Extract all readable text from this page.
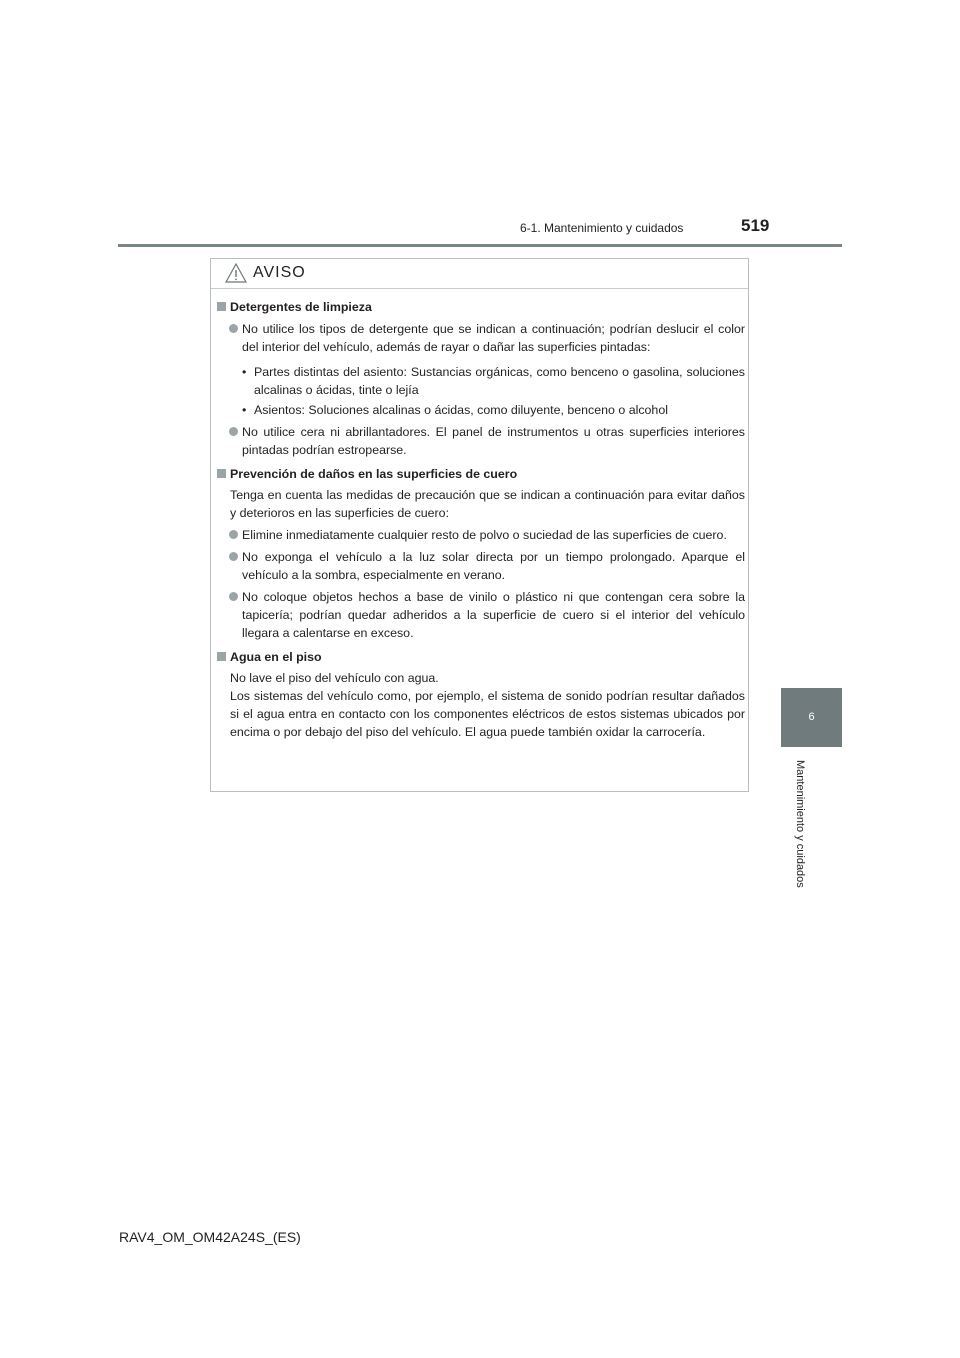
6-1. Mantenimiento y cuidados	519
6
Mantenimiento y cuidados
AVISO
Detergentes de limpieza
No utilice los tipos de detergente que se indican a continuación; podrían deslucir el color del interior del vehículo, además de rayar o dañar las superficies pintadas:
• Partes distintas del asiento: Sustancias orgánicas, como benceno o gasolina, soluciones alcalinas o ácidas, tinte o lejía
• Asientos: Soluciones alcalinas o ácidas, como diluyente, benceno o alcohol
No utilice cera ni abrillantadores. El panel de instrumentos u otras superficies interiores pintadas podrían estropearse.
Prevención de daños en las superficies de cuero
Tenga en cuenta las medidas de precaución que se indican a continuación para evitar daños y deterioros en las superficies de cuero:
Elimine inmediatamente cualquier resto de polvo o suciedad de las superficies de cuero.
No exponga el vehículo a la luz solar directa por un tiempo prolongado. Aparque el vehículo a la sombra, especialmente en verano.
No coloque objetos hechos a base de vinilo o plástico ni que contengan cera sobre la tapicería; podrían quedar adheridos a la superficie de cuero si el interior del vehículo llegara a calentarse en exceso.
Agua en el piso
No lave el piso del vehículo con agua.
Los sistemas del vehículo como, por ejemplo, el sistema de sonido podrían resultar dañados si el agua entra en contacto con los componentes eléctricos de estos sistemas ubicados por encima o por debajo del piso del vehículo. El agua puede también oxidar la carrocería.
RAV4_OM_OM42A24S_(ES)
